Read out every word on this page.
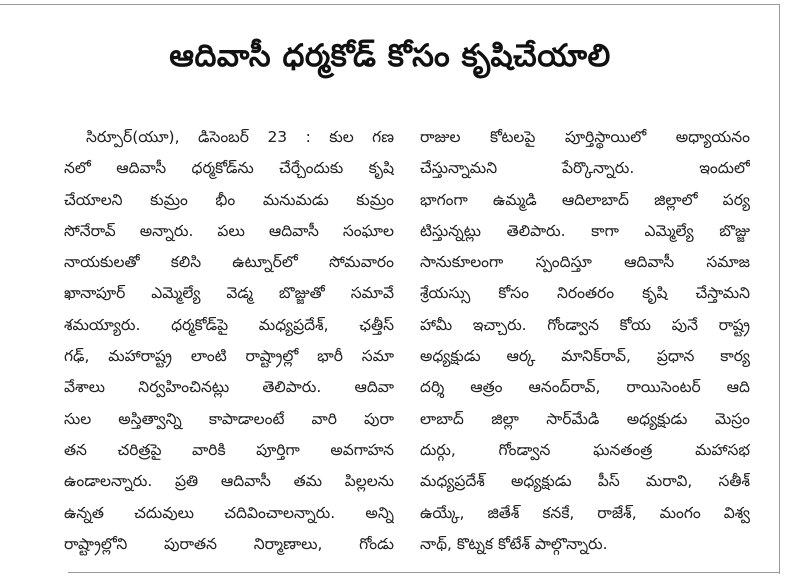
ఆదివాసీ ధర్మకోడ్ కోసం కృషిచేయాలి
సిర్పూర్(యూ), డిసెంబర్ 23 : కుల గణ
నలో ఆదివాసీ ధర్మకోడ్‌ను చేర్చేందుకు కృషి
చేయాలని కుమ్రం భీం మనుమడు కుమ్రం
సోనేరావ్ అన్నారు. పలు ఆదివాసీ సంఘాల
నాయకులతో కలిసి ఉట్నూర్‌లో సోమవారం
ఖానాపూర్ ఎమ్మెల్యే వెడ్మ బొజ్జుతో సమావే
శమయ్యారు. ధర్మకోడ్‌పై మధ్యప్రదేశ్, ఛత్తీస్
గఢ్, మహారాష్ట్ర లాంటి రాష్ట్రాల్లో భారీ సమా
వేశాలు నిర్వహించినట్లు తెలిపారు. ఆదివా
సుల అస్తిత్వాన్ని కాపాడాలంటే వారి పురా
తన చరిత్రపై వారికి పూర్తిగా అవగాహన
ఉండాలన్నారు. ప్రతి ఆదివాసీ తమ పిల్లలను
ఉన్నత చదువులు చదివించాలన్నారు. అన్ని
రాష్ట్రాల్లోని పురాతన నిర్మాణాలు, గోండు
రాజుల కోటలపై పూర్తిస్థాయిలో అధ్యాయనం
చేస్తున్నామని పేర్కొన్నారు. ఇందులో
భాగంగా ఉమ్మడి ఆదిలాబాద్ జిల్లాలో పర్య
టిస్తున్నట్లు తెలిపారు. కాగా ఎమ్మెల్యే బొజ్జు
సానుకూలంగా స్పందిస్తూ ఆదివాసీ సమాజ
శ్రేయస్సు కోసం నిరంతరం కృషి చేస్తామని
హామీ ఇచ్చారు. గోండ్వాన కోయ పునే రాష్ట్ర
అధ్యక్షుడు ఆర్క మానిక్‌రావ్, ప్రధాన కార్య
దర్శి ఆత్రం ఆనంద్‌రావ్, రాయిసెంటర్ ఆది
లాబాద్ జిల్లా సార్‌మేడి అధ్యక్షుడు మెస్రం
దుర్గు, గోండ్వాన ఘనతంత్ర మహాసభ
మధ్యప్రదేశ్ అధ్యక్షుడు పీస్ మరావి, సతీశ్
ఉయ్కే, జితేశ్ కనకే, రాజేశ్, మంగం విశ్వ
నాథ్, కొట్నక కోటేశ్ పాల్గొన్నారు.
